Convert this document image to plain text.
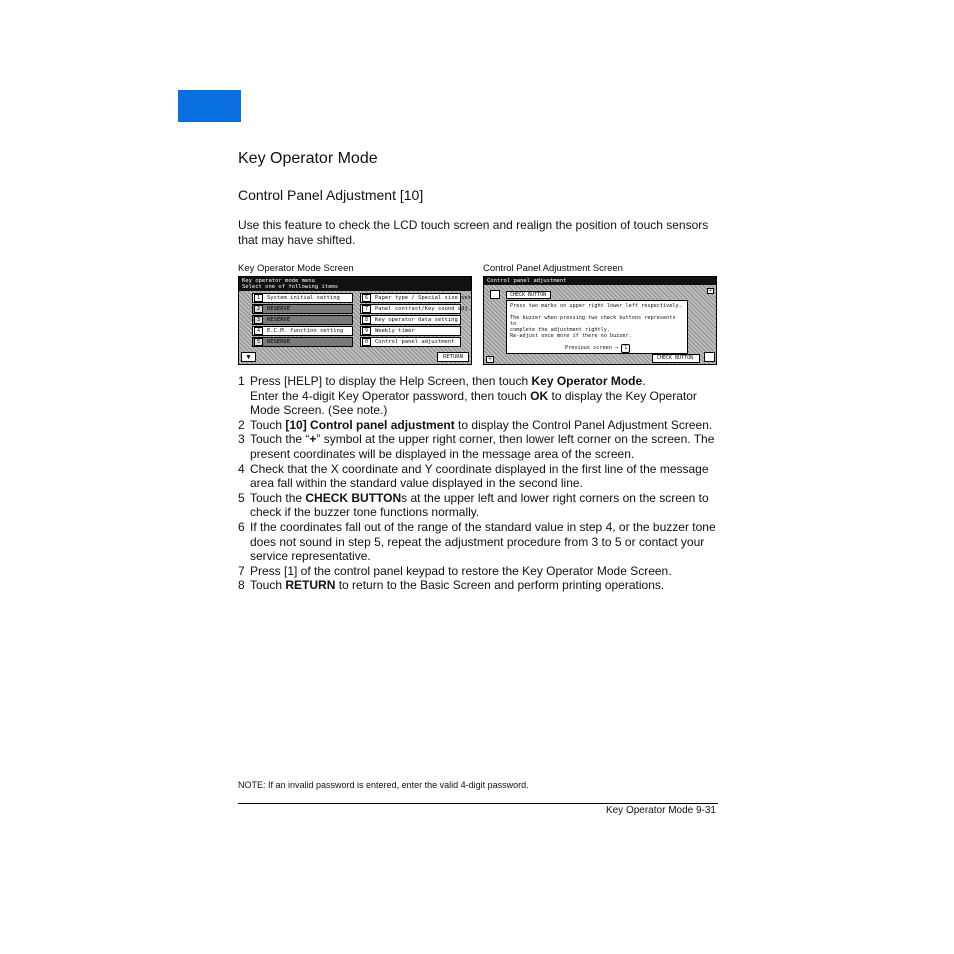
Key Operator Mode
Control Panel Adjustment [10]
Use this feature to check the LCD touch screen and realign the position of touch sensors that may have shifted.
Key Operator Mode Screen	Control Panel Adjustment Screen
Key operator mode menu
Select one of following items
1	System initial setting
2	RESERVE
3	RESERVE
4	E.C.M. function setting
5	RESERVE
6	Paper type / Special size set
7	Panel contrast/Key sound adj.
8	Key operator data setting
9	Weekly timer
0	Control panel adjustment
▼	RETURN
Control panel adjustment
+
CHECK BUTTON
Press two marks on upper right lower left respectively.
The buzzer when pressing two check buttons represents to
complete the adjustment rightly.
Re-adjust once more if there no buzzer.
Previous screen → 1
CHECK BUTTON
+
1 Press [HELP] to display the Help Screen, then touch Key Operator Mode.
Enter the 4-digit Key Operator password, then touch OK to display the Key Operator Mode Screen. (See note.)
2 Touch [10] Control panel adjustment to display the Control Panel Adjustment Screen.
3 Touch the “+” symbol at the upper right corner, then lower left corner on the screen. The present coordinates will be displayed in the message area of the screen.
4 Check that the X coordinate and Y coordinate displayed in the first line of the message area fall within the standard value displayed in the second line.
5 Touch the CHECK BUTTONs at the upper left and lower right corners on the screen to check if the buzzer tone functions normally.
6 If the coordinates fall out of the range of the standard value in step 4, or the buzzer tone does not sound in step 5, repeat the adjustment procedure from 3 to 5 or contact your service representative.
7 Press [1] of the control panel keypad to restore the Key Operator Mode Screen.
8 Touch RETURN to return to the Basic Screen and perform printing operations.
NOTE: If an invalid password is entered, enter the valid 4-digit password.
Key Operator Mode 9-31
